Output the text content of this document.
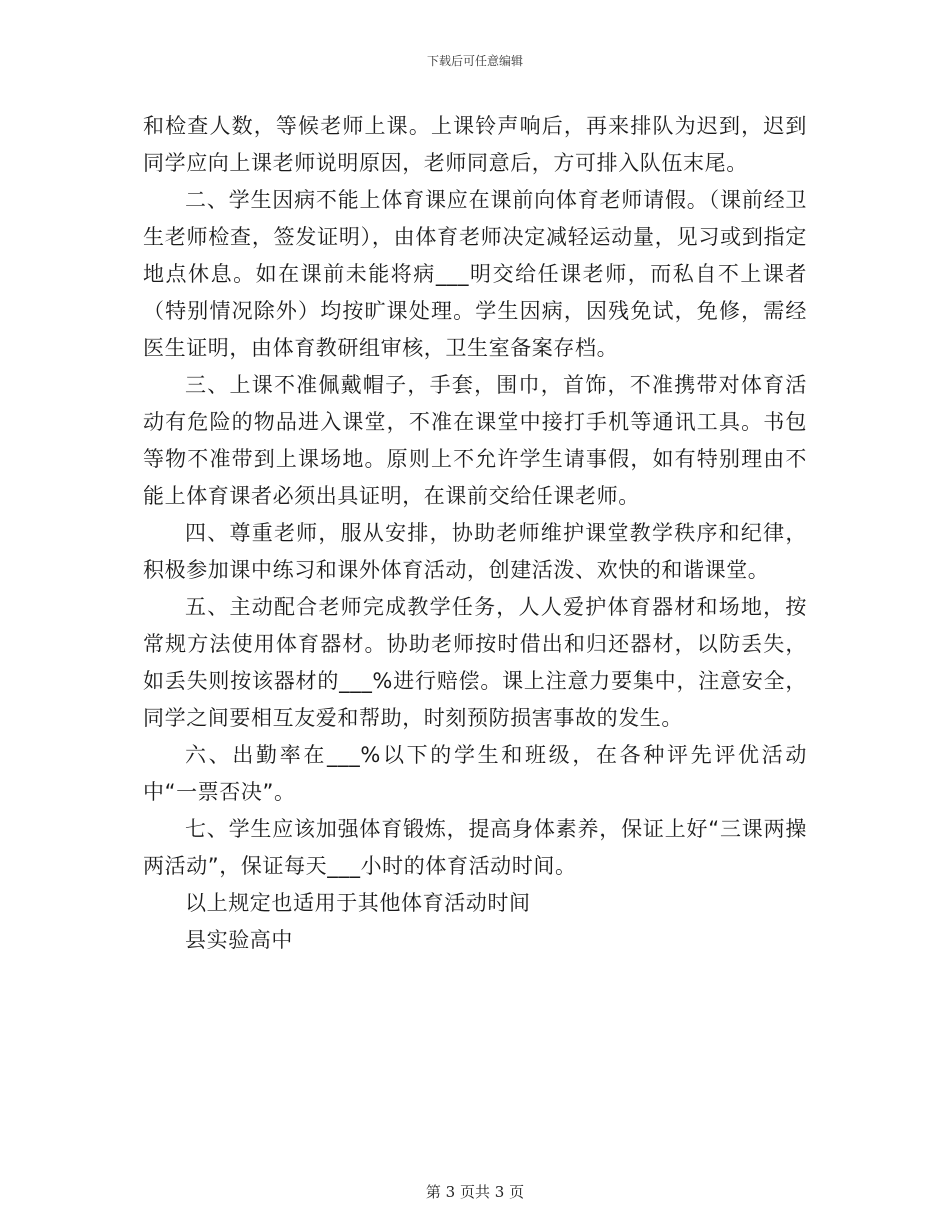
下载后可任意编辑

和检查人数，等候老师上课。上课铃声响后，再来排队为迟到，迟到同学应向上课老师说明原因，老师同意后，方可排入队伍末尾。

二、学生因病不能上体育课应在课前向体育老师请假。（课前经卫生老师检查，签发证明），由体育老师决定减轻运动量，见习或到指定地点休息。如在课前未能将病___明交给任课老师，而私自不上课者（特别情况除外）均按旷课处理。学生因病，因残免试，免修，需经医生证明，由体育教研组审核，卫生室备案存档。

三、上课不准佩戴帽子，手套，围巾，首饰，不准携带对体育活动有危险的物品进入课堂，不准在课堂中接打手机等通讯工具。书包等物不准带到上课场地。原则上不允许学生请事假，如有特别理由不能上体育课者必须出具证明，在课前交给任课老师。

四、尊重老师，服从安排，协助老师维护课堂教学秩序和纪律，积极参加课中练习和课外体育活动，创建活泼、欢快的和谐课堂。

五、主动配合老师完成教学任务，人人爱护体育器材和场地，按常规方法使用体育器材。协助老师按时借出和归还器材，以防丢失，如丢失则按该器材的___%进行赔偿。课上注意力要集中，注意安全，同学之间要相互友爱和帮助，时刻预防损害事故的发生。

六、出勤率在___%以下的学生和班级，在各种评先评优活动中“一票否决”。

七、学生应该加强体育锻炼，提高身体素养，保证上好“三课两操两活动”，保证每天___小时的体育活动时间。

以上规定也适用于其他体育活动时间

县实验高中

第 3 页共 3 页
